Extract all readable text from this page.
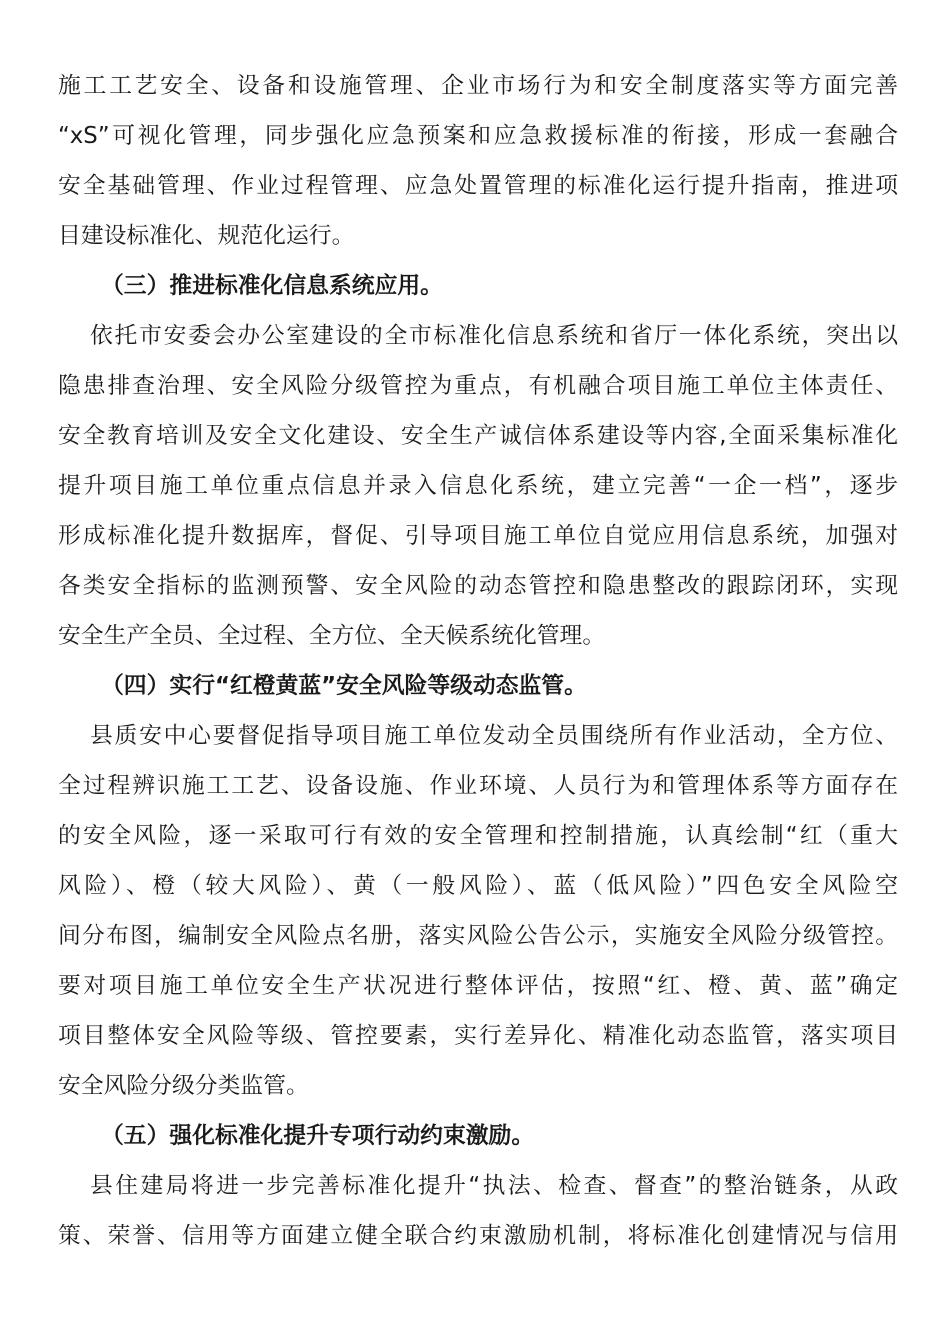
施工工艺安全、设备和设施管理、企业市场行为和安全制度落实等方面完善
“xS”可视化管理，同步强化应急预案和应急救援标准的衔接，形成一套融合
安全基础管理、作业过程管理、应急处置管理的标准化运行提升指南，推进项
目建设标准化、规范化运行。
（三）推进标准化信息系统应用。
依托市安委会办公室建设的全市标准化信息系统和省厅一体化系统，突出以
隐患排查治理、安全风险分级管控为重点，有机融合项目施工单位主体责任、
安全教育培训及安全文化建设、安全生产诚信体系建设等内容,全面采集标准化
提升项目施工单位重点信息并录入信息化系统，建立完善“一企一档”，逐步
形成标准化提升数据库，督促、引导项目施工单位自觉应用信息系统，加强对
各类安全指标的监测预警、安全风险的动态管控和隐患整改的跟踪闭环，实现
安全生产全员、全过程、全方位、全天候系统化管理。
（四）实行“红橙黄蓝”安全风险等级动态监管。
县质安中心要督促指导项目施工单位发动全员围绕所有作业活动，全方位、
全过程辨识施工工艺、设备设施、作业环境、人员行为和管理体系等方面存在
的安全风险，逐一采取可行有效的安全管理和控制措施，认真绘制“红（重大
风险）、橙（较大风险）、黄（一般风险）、蓝（低风险）”四色安全风险空
间分布图，编制安全风险点名册，落实风险公告公示，实施安全风险分级管控。
要对项目施工单位安全生产状况进行整体评估，按照“红、橙、黄、蓝”确定
项目整体安全风险等级、管控要素，实行差异化、精准化动态监管，落实项目
安全风险分级分类监管。
（五）强化标准化提升专项行动约束激励。
县住建局将进一步完善标准化提升“执法、检查、督查”的整治链条，从政
策、荣誉、信用等方面建立健全联合约束激励机制，将标准化创建情况与信用
